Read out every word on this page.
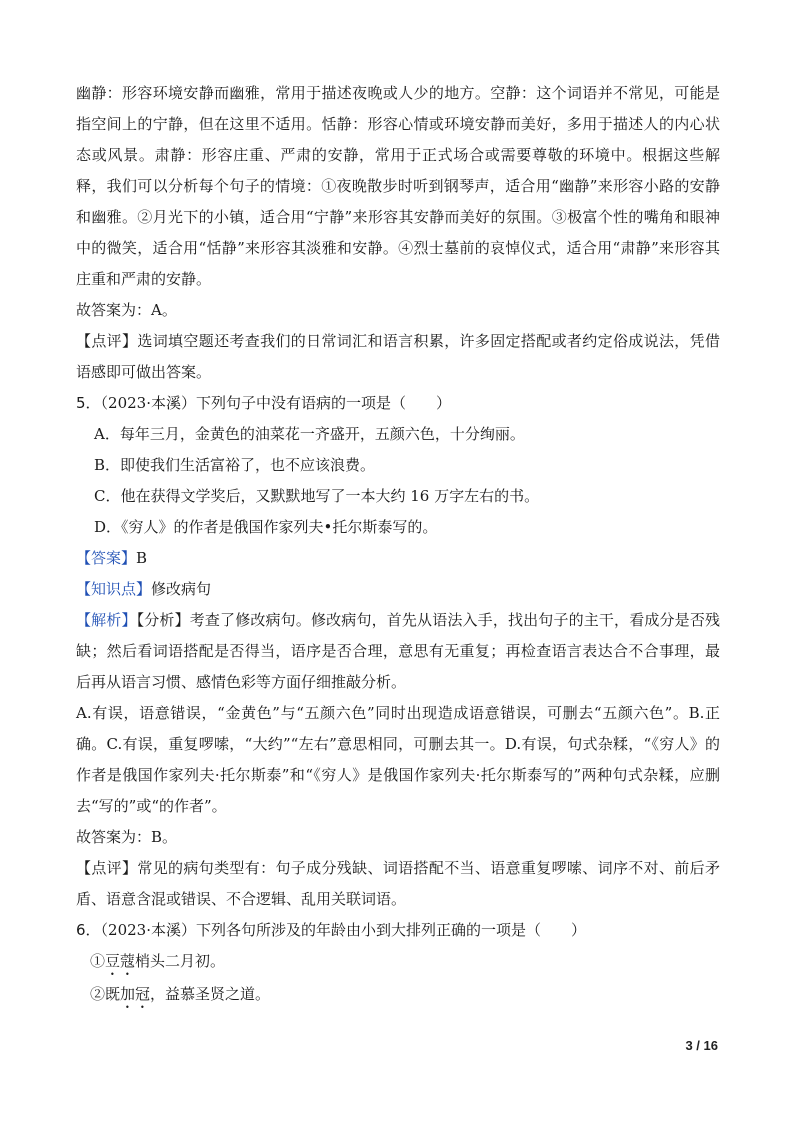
幽静：形容环境安静而幽雅，常用于描述夜晚或人少的地方。空静：这个词语并不常见，可能是指空间上的宁静，但在这里不适用。恬静：形容心情或环境安静而美好，多用于描述人的内心状态或风景。肃静：形容庄重、严肃的安静，常用于正式场合或需要尊敬的环境中。根据这些解释，我们可以分析每个句子的情境：①夜晚散步时听到钢琴声，适合用“幽静”来形容小路的安静和幽雅。②月光下的小镇，适合用“宁静”来形容其安静而美好的氛围。③极富个性的嘴角和眼神中的微笑，适合用“恬静”来形容其淡雅和安静。④烈士墓前的哀悼仪式，适合用“肃静”来形容其庄重和严肃的安静。

故答案为：A。

【点评】选词填空题还考查我们的日常词汇和语言积累，许多固定搭配或者约定俗成说法，凭借语感即可做出答案。

5．（2023·本溪）下列句子中没有语病的一项是（　　）

A．每年三月，金黄色的油菜花一齐盛开，五颜六色，十分绚丽。

B．即使我们生活富裕了，也不应该浪费。

C．他在获得文学奖后，又默默地写了一本大约 16 万字左右的书。

D．《穷人》的作者是俄国作家列夫•托尔斯泰写的。

【答案】B

【知识点】修改病句

【解析】【分析】考查了修改病句。修改病句，首先从语法入手，找出句子的主干，看成分是否残缺；然后看词语搭配是否得当，语序是否合理，意思有无重复；再检查语言表达合不合事理，最后再从语言习惯、感情色彩等方面仔细推敲分析。

A.有误，语意错误，“金黄色”与“五颜六色”同时出现造成语意错误，可删去“五颜六色”。B.正确。C.有误，重复啰嗦，“大约”“左右”意思相同，可删去其一。D.有误，句式杂糅，“《穷人》的作者是俄国作家列夫·托尔斯泰”和“《穷人》是俄国作家列夫·托尔斯泰写的”两种句式杂糅，应删去“写的”或“的作者”。

故答案为：B。

【点评】常见的病句类型有：句子成分残缺、词语搭配不当、语意重复啰嗦、词序不对、前后矛盾、语意含混或错误、不合逻辑、乱用关联词语。

6．（2023·本溪）下列各句所涉及的年龄由小到大排列正确的一项是（　　）

①豆蔻梢头二月初。

②既加冠，益慕圣贤之道。

3 / 16
